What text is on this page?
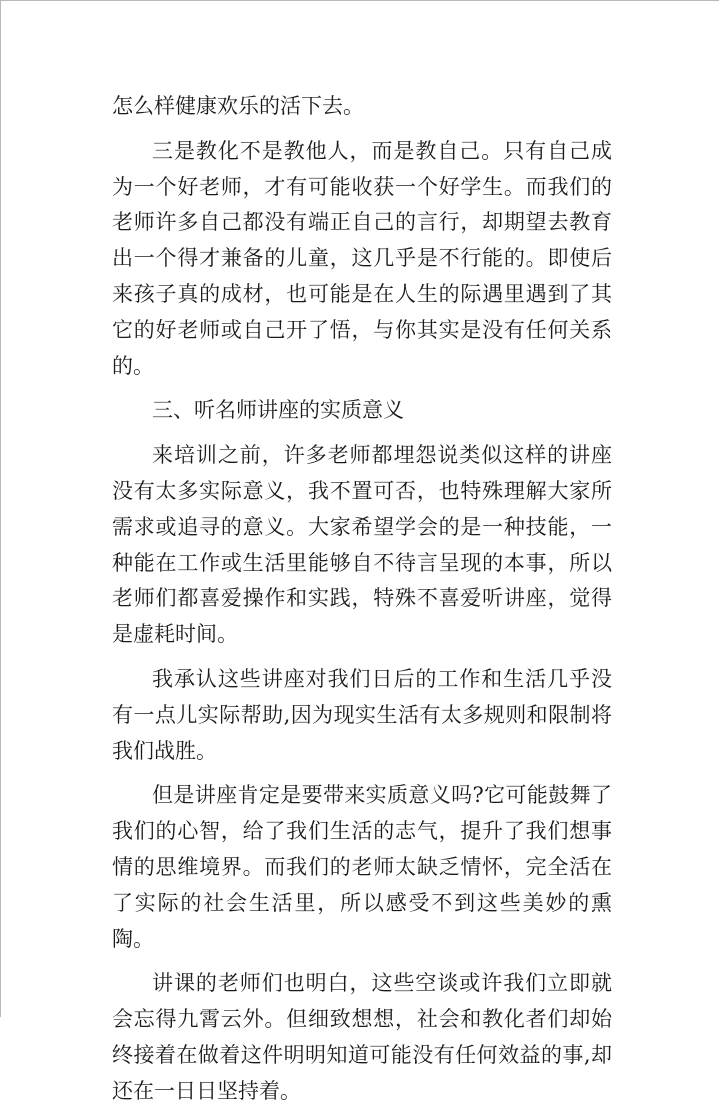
怎么样健康欢乐的活下去。

三是教化不是教他人，而是教自己。只有自己成为一个好老师，才有可能收获一个好学生。而我们的老师许多自己都没有端正自己的言行，却期望去教育出一个得才兼备的儿童，这几乎是不行能的。即使后来孩子真的成材，也可能是在人生的际遇里遇到了其它的好老师或自己开了悟，与你其实是没有任何关系的。

三、听名师讲座的实质意义

来培训之前，许多老师都埋怨说类似这样的讲座没有太多实际意义，我不置可否，也特殊理解大家所需求或追寻的意义。大家希望学会的是一种技能，一种能在工作或生活里能够自不待言呈现的本事，所以老师们都喜爱操作和实践，特殊不喜爱听讲座，觉得是虚耗时间。

我承认这些讲座对我们日后的工作和生活几乎没有一点儿实际帮助,因为现实生活有太多规则和限制将我们战胜。

但是讲座肯定是要带来实质意义吗?它可能鼓舞了我们的心智，给了我们生活的志气，提升了我们想事情的思维境界。而我们的老师太缺乏情怀，完全活在了实际的社会生活里，所以感受不到这些美妙的熏陶。

讲课的老师们也明白，这些空谈或许我们立即就会忘得九霄云外。但细致想想，社会和教化者们却始终接着在做着这件明明知道可能没有任何效益的事,却还在一日日坚持着。
